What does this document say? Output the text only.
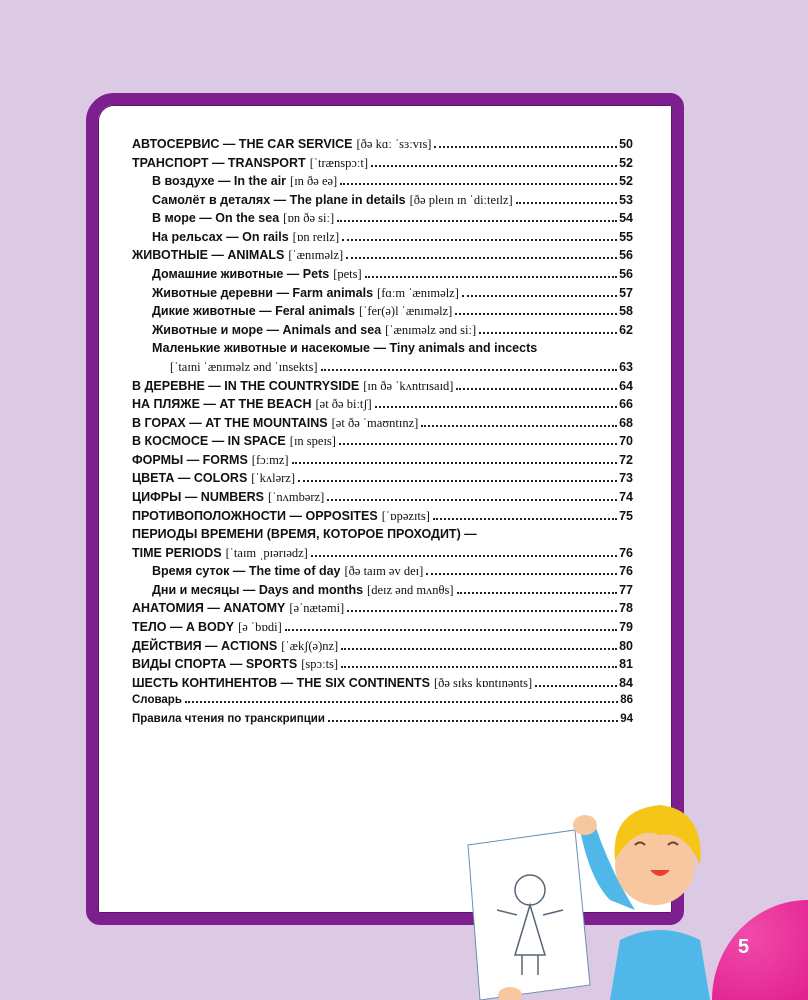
АВТОСЕРВИС — THE CAR SERVICE [ðə kɑː ˈsɜːvɪs]	50
ТРАНСПОРТ — TRANSPORT [ˈtrænspɔːt]	52
В воздухе — In the air [ɪn ðə eə]	52
Самолёт в деталях — The plane in details [ðə pleɪn ɪn ˈdiːteɪlz]	53
В море — On the sea [ɒn ðə siː]	54
На рельсах — On rails [ɒn reɪlz]	55
ЖИВОТНЫЕ — ANIMALS [ˈænɪməlz]	56
Домашние животные — Pets [pets]	56
Животные деревни — Farm animals [fɑːm ˈænɪməlz]	57
Дикие животные — Feral animals [ˈfer(ə)l ˈænɪməlz]	58
Животные и море — Animals and sea [ˈænɪməlz ənd siː]	62
Маленькие животные и насекомые — Tiny animals and incects
[ˈtaɪni ˈænɪməlz ənd ˈɪnsekts]	63
В ДЕРЕВНЕ — IN THE COUNTRYSIDE [ɪn ðə ˈkʌntrɪsaɪd]	64
НА ПЛЯЖЕ — AT THE BEACH [ət ðə biːtʃ]	66
В ГОРАХ — AT THE MOUNTAINS [ət ðə ˈmaʊntɪnz]	68
В КОСМОСЕ — IN SPACE [ɪn speɪs]	70
ФОРМЫ — FORMS [fɔːmz]	72
ЦВЕТА — COLORS [ˈkʌlərz]	73
ЦИФРЫ — NUMBERS [ˈnʌmbərz]	74
ПРОТИВОПОЛОЖНОСТИ — OPPOSITES [ˈɒpəzɪts]	75
ПЕРИОДЫ ВРЕМЕНИ (ВРЕМЯ, КОТОРОЕ ПРОХОДИТ) —
TIME PERIODS [ˈtaɪm ˌpɪərɪədz]	76
Время суток — The time of day [ðə taɪm əv deɪ]	76
Дни и месяцы — Days and months [deɪz ənd mʌnθs]	77
АНАТОМИЯ — ANATOMY [əˈnætəmi]	78
ТЕЛО — A BODY [ə ˈbɒdi]	79
ДЕЙСТВИЯ — ACTIONS [ˈækʃ(ə)nz]	80
ВИДЫ СПОРТА — SPORTS [spɔːts]	81
ШЕСТЬ КОНТИНЕНТОВ — THE SIX CONTINENTS [ðə sɪks kɒntɪnənts]	84
Словарь	86
Правила чтения по транскрипции	94
5
